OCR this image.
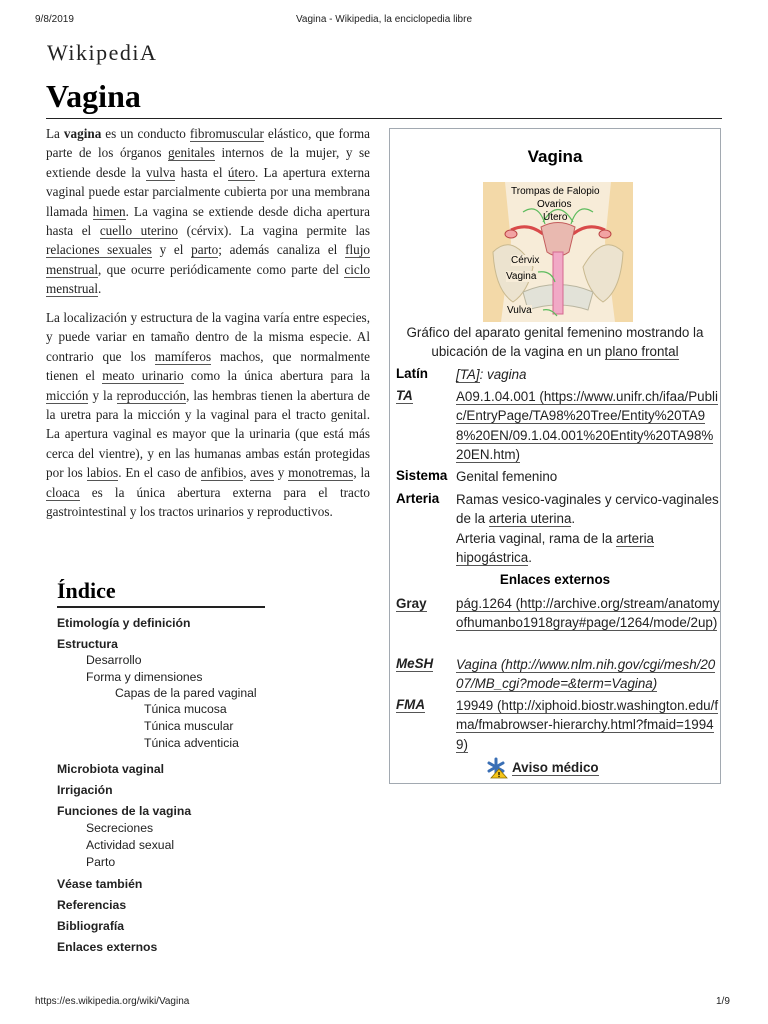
9/8/2019	Vagina - Wikipedia, la enciclopedia libre
WikipediA
Vagina

La vagina es un conducto fibromuscular elástico, que forma parte de los órganos genitales internos de la mujer, y se extiende desde la vulva hasta el útero. La apertura externa vaginal puede estar parcialmente cubierta por una membrana llamada himen. La vagina se extiende desde dicha apertura hasta el cuello uterino (cérvix). La vagina permite las relaciones sexuales y el parto; además canaliza el flujo menstrual, que ocurre periódicamente como parte del ciclo menstrual.

La localización y estructura de la vagina varía entre especies, y puede variar en tamaño dentro de la misma especie. Al contrario que los mamíferos machos, que normalmente tienen el meato urinario como la única abertura para la micción y la reproducción, las hembras tienen la abertura de la uretra para la micción y la vaginal para el tracto genital. La apertura vaginal es mayor que la urinaria (que está más cerca del vientre), y en las humanas ambas están protegidas por los labios. En el caso de anfibios, aves y monotremas, la cloaca es la única abertura externa para el tracto gastrointestinal y los tractos urinarios y reproductivos.

Vagina
Trompas de Falopio
Ovarios
Útero
Cérvix
Vagina
Vulva
Gráfico del aparato genital femenino mostrando la ubicación de la vagina en un plano frontal
Latín [TA]: vagina
TA	A09.1.04.001 (https://www.unifr.ch/ifaa/Public/EntryPage/TA98%20Tree/Entity%20TA98%20EN/09.1.04.001%20Entity%20TA98%20EN.htm)
Sistema Genital femenino
Arteria Ramas vesico-vaginales y cervico-vaginales de la arteria uterina.
Arteria vaginal, rama de la arteria hipogástrica.
Enlaces externos
Gray pág.1264 (http://archive.org/stream/anatomyofhumanbo1918gray#page/1264/mode/2up)
MeSH Vagina (http://www.nlm.nih.gov/cgi/mesh/2007/MB_cgi?mode=&term=Vagina)
FMA 19949 (http://xiphoid.biostr.washington.edu/fma/fmabrowser-hierarchy.html?fmaid=19949)
Aviso médico
Índice
Etimología y definición
Estructura
Desarrollo
Forma y dimensiones
Capas de la pared vaginal
Túnica mucosa
Túnica muscular
Túnica adventicia
Microbiota vaginal
Irrigación
Funciones de la vagina
Secreciones
Actividad sexual
Parto
Véase también
Referencias
Bibliografía
Enlaces externos
https://es.wikipedia.org/wiki/Vagina	1/9
